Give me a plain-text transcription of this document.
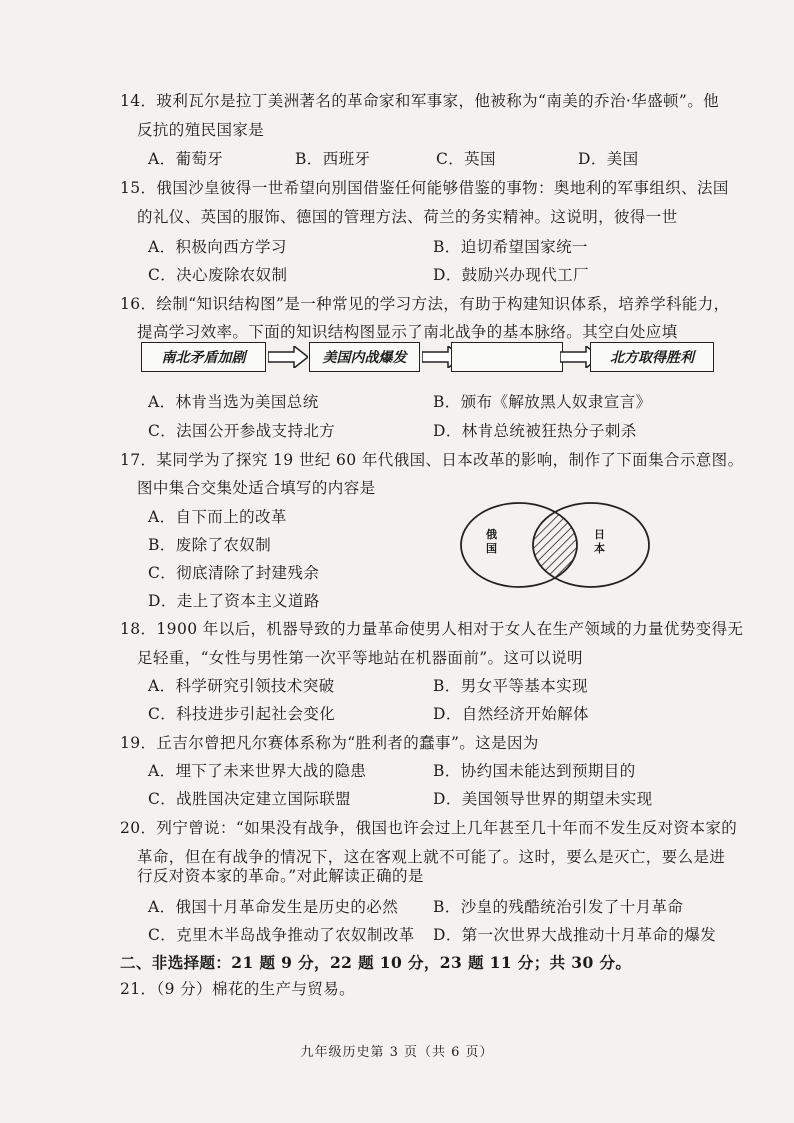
14．玻利瓦尔是拉丁美洲著名的革命家和军事家，他被称为“南美的乔治·华盛顿”。他
反抗的殖民国家是
A．葡萄牙	B．西班牙	C．英国	D．美国
15．俄国沙皇彼得一世希望向別国借鉴任何能够借鉴的事物：奥地利的军事组织、法国
的礼仪、英国的服饰、德国的管理方法、荷兰的务实精神。这说明，彼得一世
A．积极向西方学习	B．迫切希望国家统一
C．决心废除农奴制	D．鼓励兴办现代工厂
16．绘制“知识结构图”是一种常见的学习方法，有助于构建知识体系，培养学科能力，
提高学习效率。下面的知识结构图显示了南北战争的基本脉络。其空白处应填
南北矛盾加剧	美国内战爆发	北方取得胜利
A．林肯当选为美国总统	B．颁布《解放黑人奴隶宣言》
C．法国公开参战支持北方	D．林肯总统被狂热分子刺杀
17．某同学为了探究 19 世纪 60 年代俄国、日本改革的影响，制作了下面集合示意图。
图中集合交集处适合填写的内容是
A．自下而上的改革
B．废除了农奴制
C．彻底清除了封建残余
D．走上了资本主义道路
俄国
日本
18．1900 年以后，机器导致的力量革命使男人相对于女人在生产领域的力量优势变得无
足轻重，“女性与男性第一次平等地站在机器面前”。这可以说明
A．科学研究引领技术突破	B．男女平等基本实现
C．科技进步引起社会变化	D．自然经济开始解体
19．丘吉尔曾把凡尔赛体系称为“胜利者的蠢事”。这是因为
A．埋下了未来世界大战的隐患	B．协约国未能达到预期目的
C．战胜国决定建立国际联盟	D．美国领导世界的期望未实现
20．列宁曾说：“如果没有战争，俄国也许会过上几年甚至几十年而不发生反对资本家的
革命，但在有战争的情况下，这在客观上就不可能了。这时，要么是灭亡，要么是进
行反对资本家的革命。”对此解读正确的是
A．俄国十月革命发生是历史的必然 B．沙皇的残酷统治引发了十月革命
C．克里木半岛战争推动了农奴制改革 D．第一次世界大战推动十月革命的爆发
二、非选择题：21 题 9 分，22 题 10 分，23 题 11 分；共 30 分。
21．（9 分）棉花的生产与贸易。
九年级历史第 3 页（共 6 页）
